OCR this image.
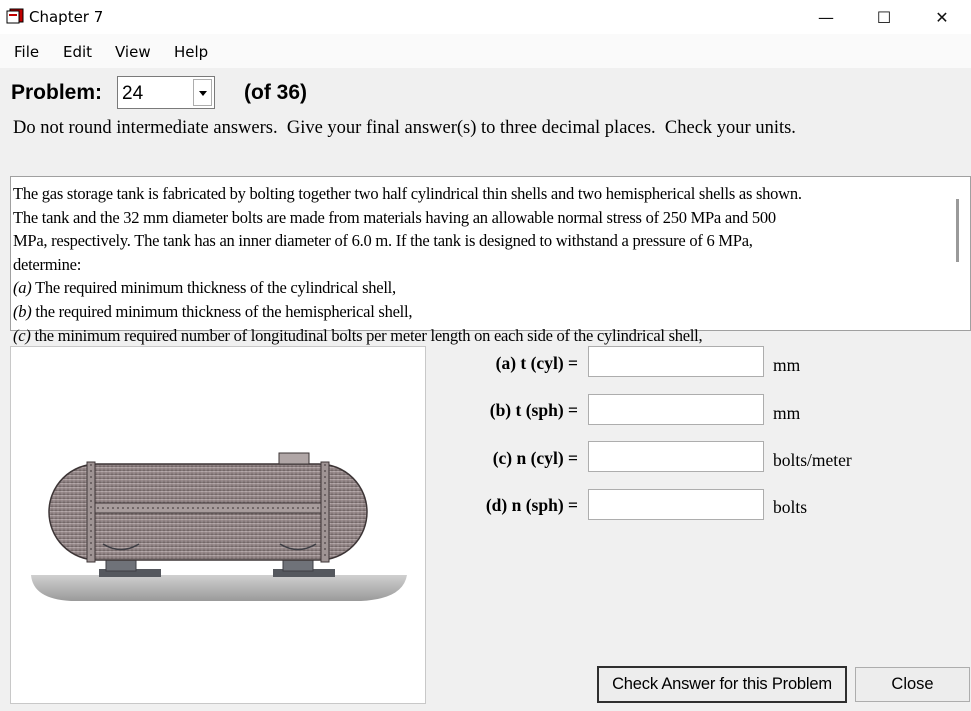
Chapter 7	—	☐	✕
File Edit View Help
Problem: 24	(of 36)
Do not round intermediate answers.  Give your final answer(s) to three decimal places.  Check your units.

The gas storage tank is fabricated by bolting together two half cylindrical thin shells and two hemispherical shells as shown.

The tank and the 32 mm diameter bolts are made from materials having an allowable normal stress of 250 MPa and 500

MPa, respectively. The tank has an inner diameter of 6.0 m. If the tank is designed to withstand a pressure of 6 MPa,

determine:

(a) The required minimum thickness of the cylindrical shell,

(b) the required minimum thickness of the hemispherical shell,

(c) the minimum required number of longitudinal bolts per meter length on each side of the cylindrical shell,

(a) t (cyl) =	mm
(b) t (sph) =	mm
(c) n (cyl) =	bolts/meter
(d) n (sph) =	bolts
Check Answer for this Problem	Close
